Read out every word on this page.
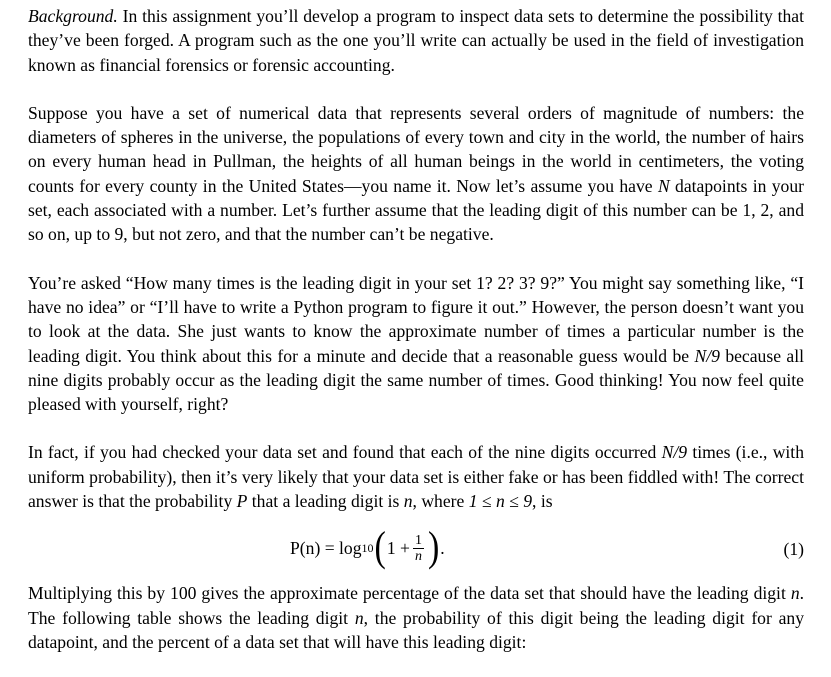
Background. In this assignment you’ll develop a program to inspect data sets to determine the possibility that they’ve been forged. A program such as the one you’ll write can actually be used in the field of investigation known as financial forensics or forensic accounting.

Suppose you have a set of numerical data that represents several orders of magnitude of numbers: the diameters of spheres in the universe, the populations of every town and city in the world, the number of hairs on every human head in Pullman, the heights of all human beings in the world in centimeters, the voting counts for every county in the United States—you name it. Now let’s assume you have N datapoints in your set, each associated with a number. Let’s further assume that the leading digit of this number can be 1, 2, and so on, up to 9, but not zero, and that the number can’t be negative.

You’re asked “How many times is the leading digit in your set 1? 2? 3? 9?” You might say something like, “I have no idea” or “I’ll have to write a Python program to figure it out.” However, the person doesn’t want you to look at the data. She just wants to know the approximate number of times a particular number is the leading digit. You think about this for a minute and decide that a reasonable guess would be N/9 because all nine digits probably occur as the leading digit the same number of times. Good thinking! You now feel quite pleased with yourself, right?

In fact, if you had checked your data set and found that each of the nine digits occurred N/9 times (i.e., with uniform probability), then it’s very likely that your data set is either fake or has been fiddled with! The correct answer is that the probability P that a leading digit is n, where 1 ≤ n ≤ 9, is

P(n) = log 10 ( $1 + \frac{1}{n}$ ) .	(1)

Multiplying this by 100 gives the approximate percentage of the data set that should have the leading digit n. The following table shows the leading digit n, the probability of this digit being the leading digit for any datapoint, and the percent of a data set that will have this leading digit:
